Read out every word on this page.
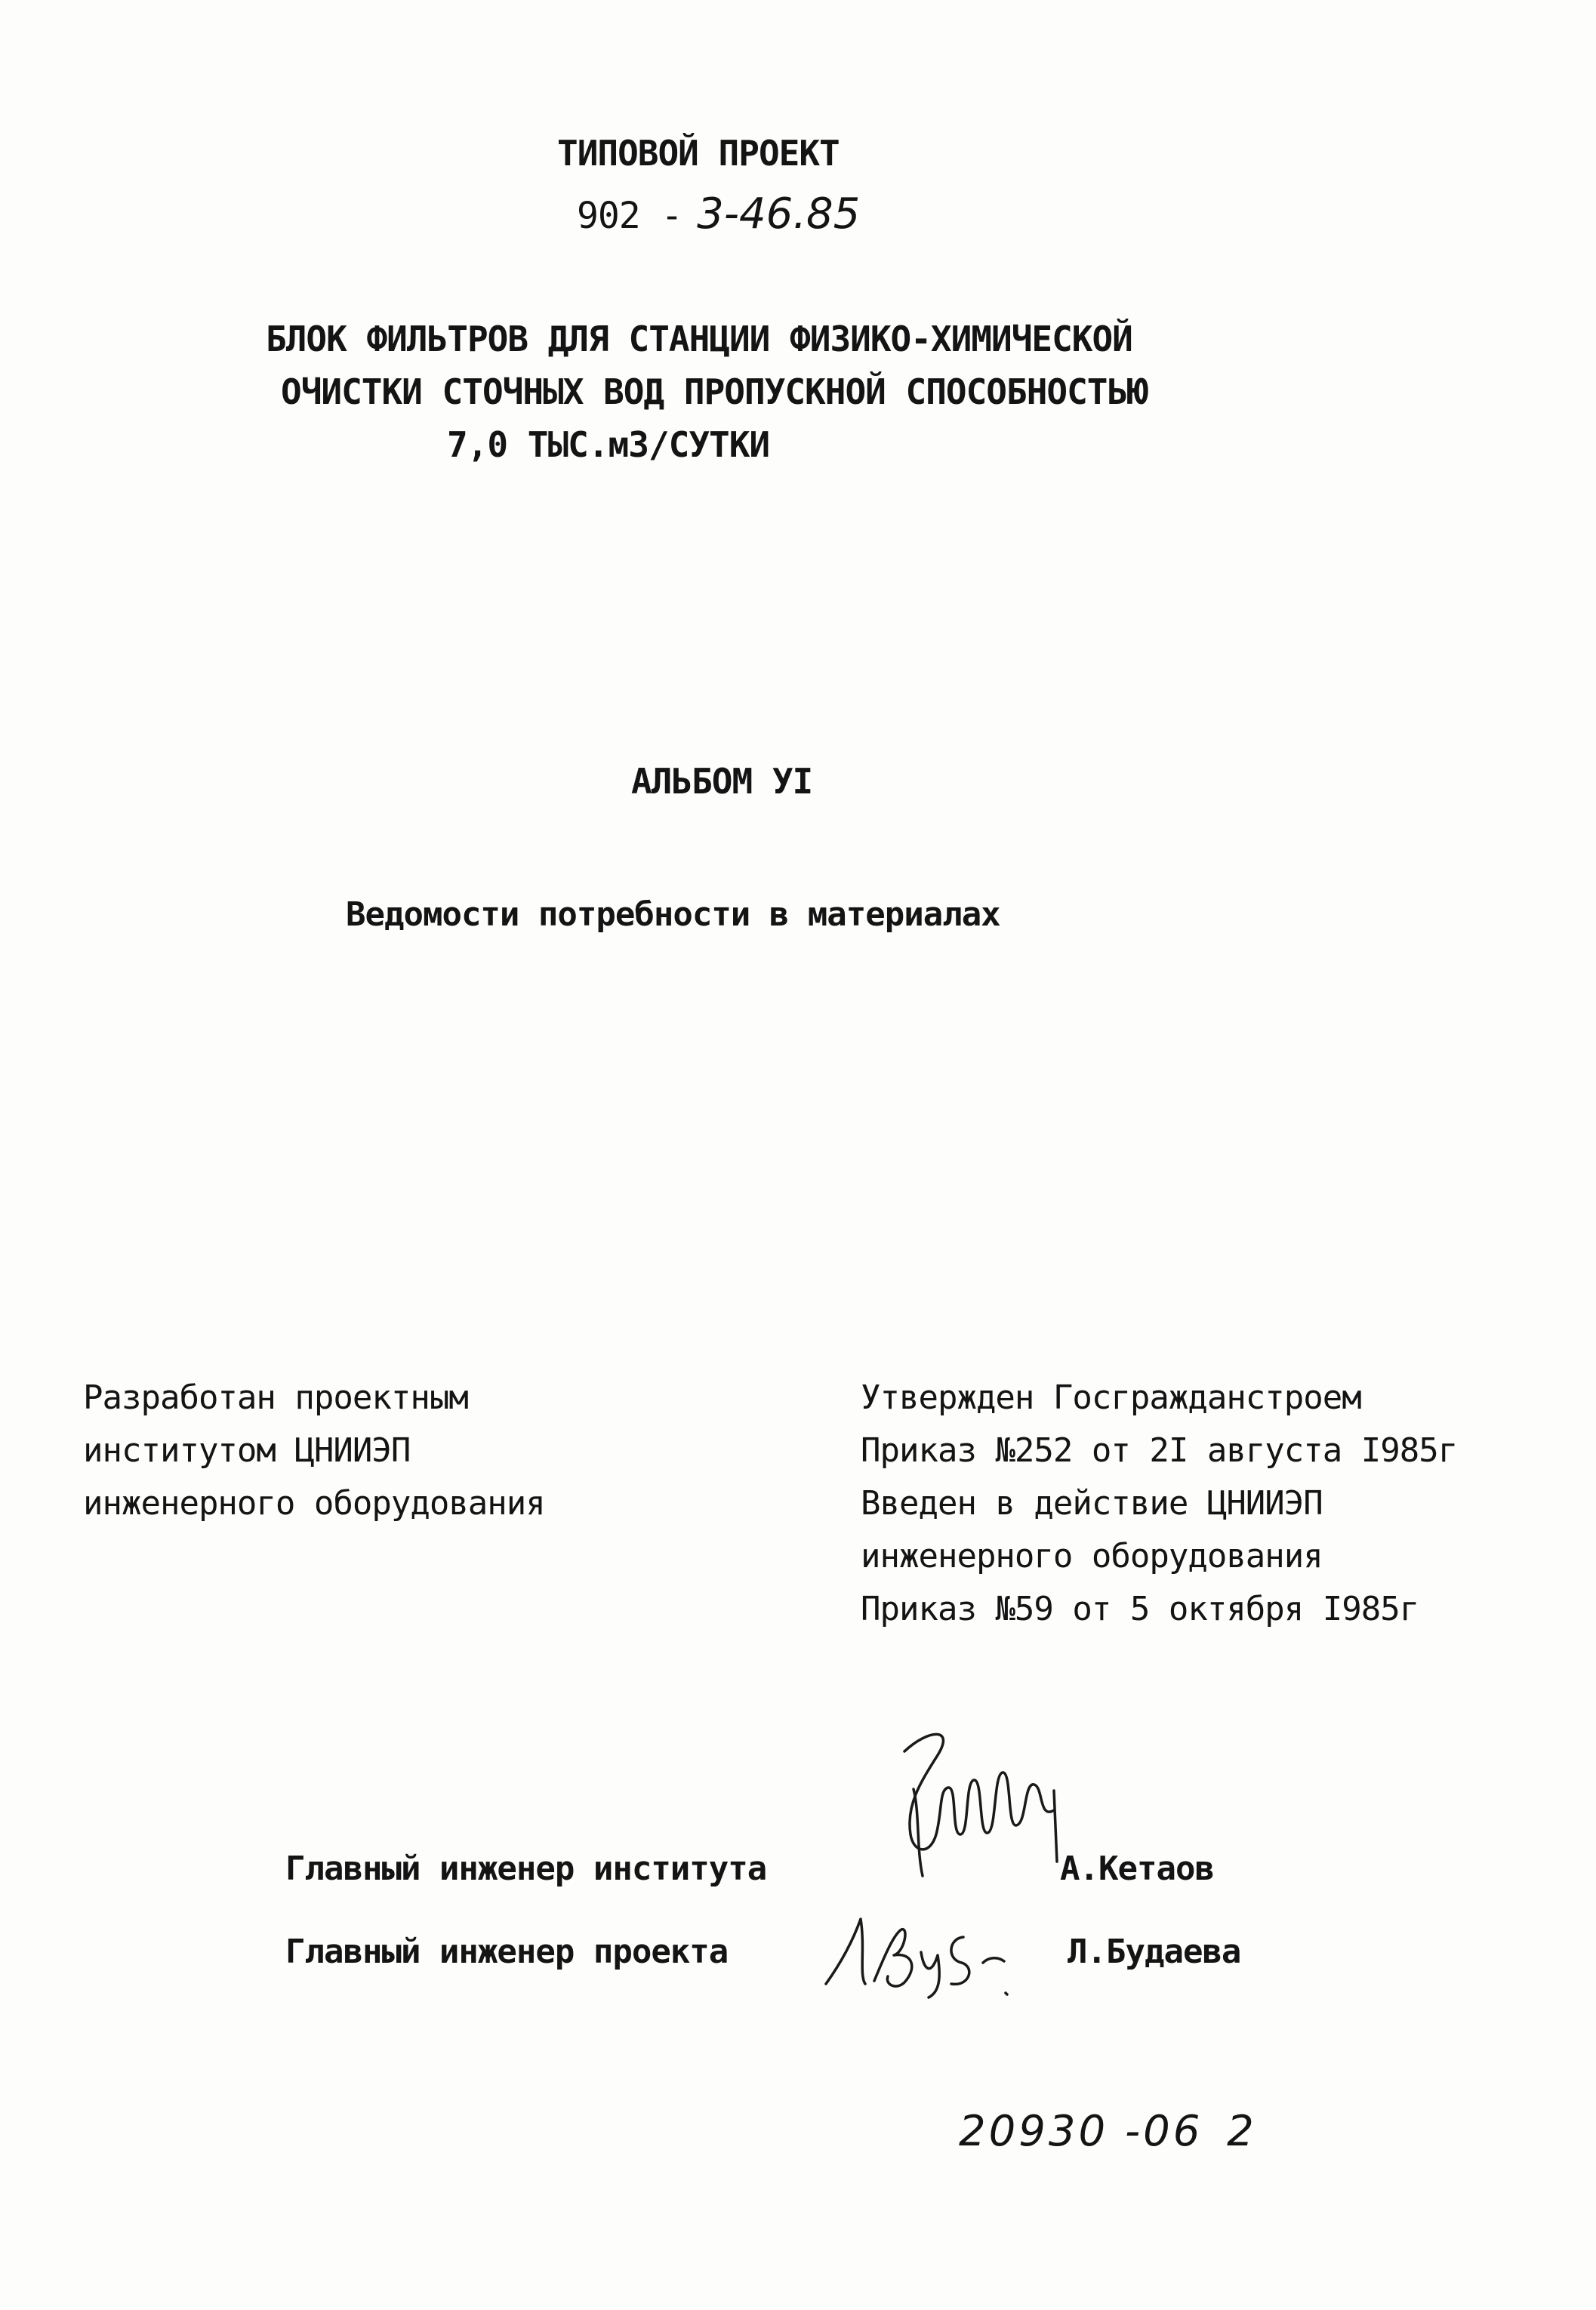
ТИПОВОЙ ПРОЕКТ

902 - 3-46.85

БЛОК ФИЛЬТРОВ ДЛЯ СТАНЦИИ ФИЗИКО-ХИМИЧЕСКОЙ

ОЧИСТКИ СТОЧНЫХ ВОД ПРОПУСКНОЙ СПОСОБНОСТЬЮ

7,0 ТЫС.м3/СУТКИ

АЛЬБОМ УI

Ведомости потребности в материалах

Разработан проектным

институтом ЦНИИЭП

инженерного оборудования

Утвержден Госгражданстроем

Приказ №252 от 2I августа I985г

Введен в действие ЦНИИЭП

инженерного оборудования

Приказ №59 от 5 октября I985г

Главный инженер института	А.Кетаов

Главный инженер проекта	Л.Будаева

20930 -06 2
